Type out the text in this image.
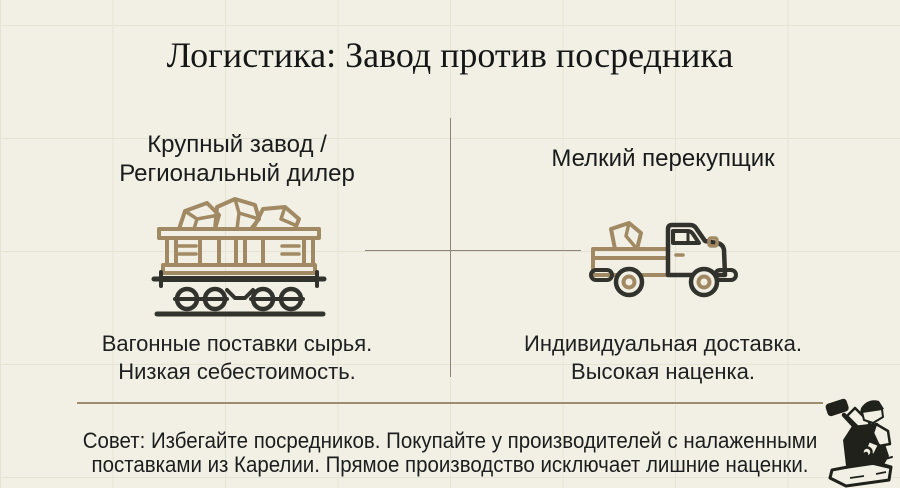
Логистика: Завод против посредника
Крупный завод /
Региональный дилер
Мелкий перекупщик
Вагонные поставки сырья.
Низкая себестоимость.
Индивидуальная доставка.
Высокая наценка.
Совет: Избегайте посредников. Покупайте у производителей с налаженными
поставками из Карелии. Прямое производство исключает лишние наценки.
